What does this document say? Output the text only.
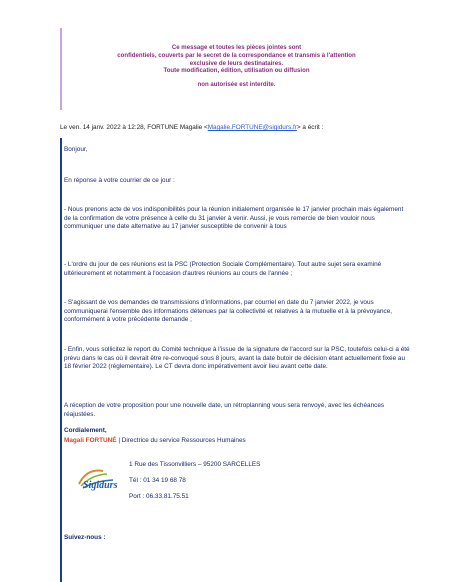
Ce message et toutes les pièces jointes sont

confidentiels, couverts par le secret de la correspondance et transmis à l'attention

exclusive de leurs destinataires.

Toute modification, édition, utilisation ou diffusion

non autorisée est interdite.

Le ven. 14 janv. 2022 à 12:28, FORTUNE Magalie <Magalie.FORTUNE@sigidurs.fr> a écrit :

Bonjour,

En réponse à votre courrier de ce jour :

- Nous prenons acte de vos indisponibilités pour la réunion initialement organisée le 17 janvier prochain mais également de la confirmation de votre présence à celle du 31 janvier à venir. Aussi, je vous remercie de bien vouloir nous communiquer une date alternative au 17 janvier susceptible de convenir à tous

- L'ordre du jour de ces réunions est la PSC (Protection Sociale Complémentaire). Tout autre sujet sera examiné ultérieurement et notamment à l'occasion d'autres réunions au cours de l'année ;

- S'agissant de vos demandes de transmissions d'informations, par courriel en date du 7 janvier 2022, je vous communiquerai l'ensemble des informations détenues par la collectivité et relatives à la mutuelle et à la prévoyance, conformément à votre précédente demande ;

- Enfin, vous sollicitez le report du Comité technique à l'issue de la signature de l'accord sur la PSC, toutefois celui-ci a été prévu dans le cas où il devrait être re-convoqué sous 8 jours, avant la date butoir de décision étant actuellement fixée au 18 février 2022 (réglementaire). Le CT devra donc impérativement avoir lieu avant cette date.

A réception de votre proposition pour une nouvelle date, un rétroplanning vous sera renvoyé, avec les échéances réajustées.

Cordialement,

Magali FORTUNÉ | Directrice du service Ressources Humaines
Sigidurs

1 Rue des Tissonvilliers – 95200 SARCELLES

Tél : 01 34 19 68 78

Port : 06.33.81.75.51

Suivez-nous :
